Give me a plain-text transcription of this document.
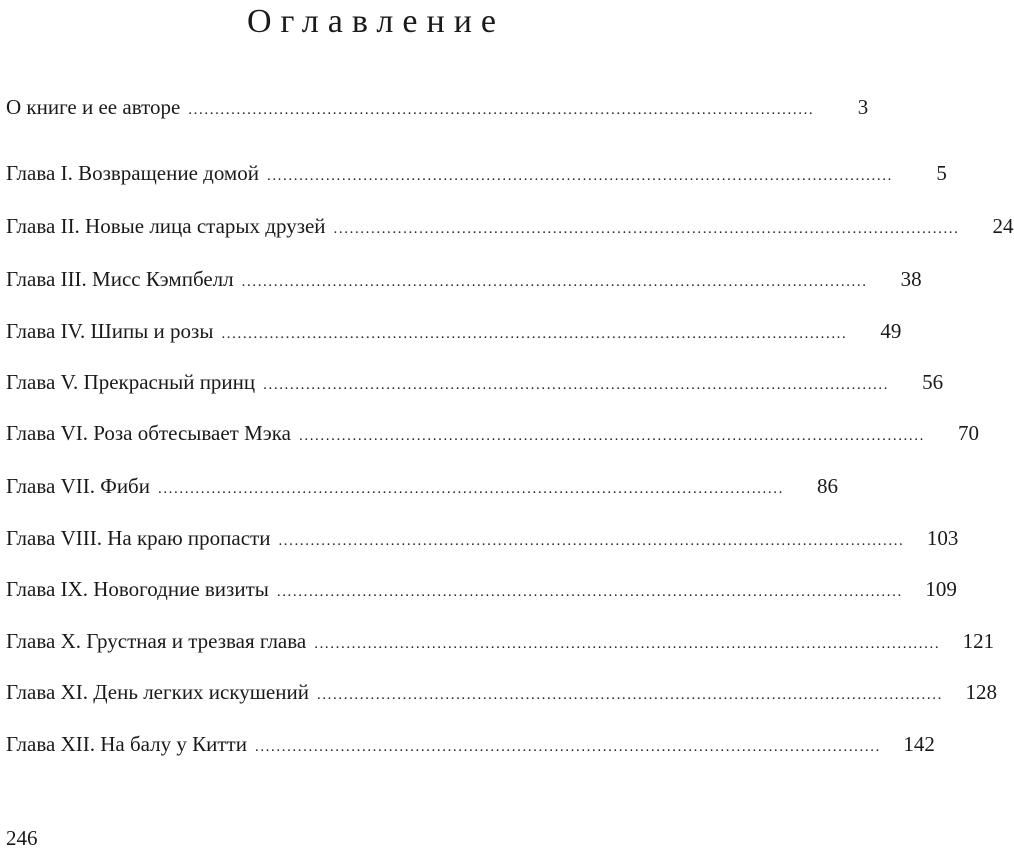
Оглавление
О книге и ее авторе .....................................................................................................................	3
Глава I. Возвращение домой .....................................................................................................................	5
Глава II. Новые лица старых друзей .....................................................................................................................	24
Глава III. Мисс Кэмпбелл .....................................................................................................................	38
Глава IV. Шипы и розы .....................................................................................................................	49
Глава V. Прекрасный принц .....................................................................................................................	56
Глава VI. Роза обтесывает Мэка .....................................................................................................................	70
Глава VII. Фиби .....................................................................................................................	86
Глава VIII. На краю пропасти .....................................................................................................................	103
Глава IX. Новогодние визиты .....................................................................................................................	109
Глава X. Грустная и трезвая глава .....................................................................................................................	121
Глава XI. День легких искушений .....................................................................................................................	128
Глава XII. На балу у Китти .....................................................................................................................	142
246
